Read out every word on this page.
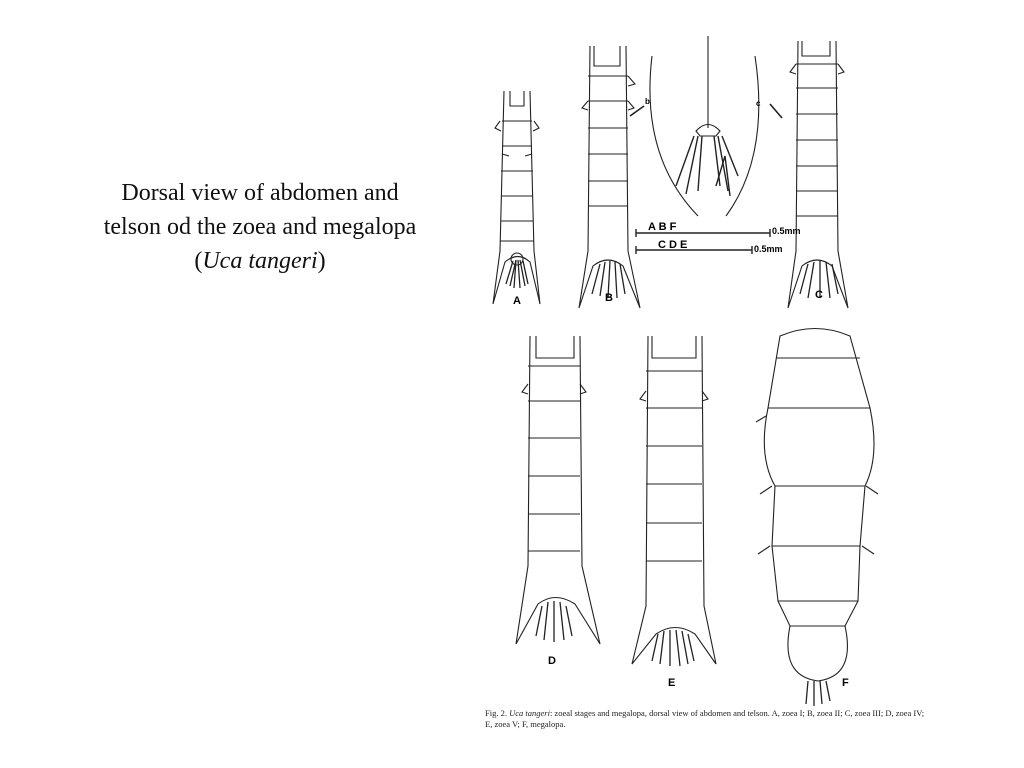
Dorsal view of abdomen and
telson od the zoea and megalopa
(Uca tangeri)
A	B	C
D
E	F
b	c
A B F	0.5mm
C D E	0.5mm
Fig. 2. Uca tangeri: zoeal stages and megalopa, dorsal view of abdomen and telson. A, zoea I; B, zoea II; C, zoea III; D, zoea IV; E, zoea V; F, megalopa.
